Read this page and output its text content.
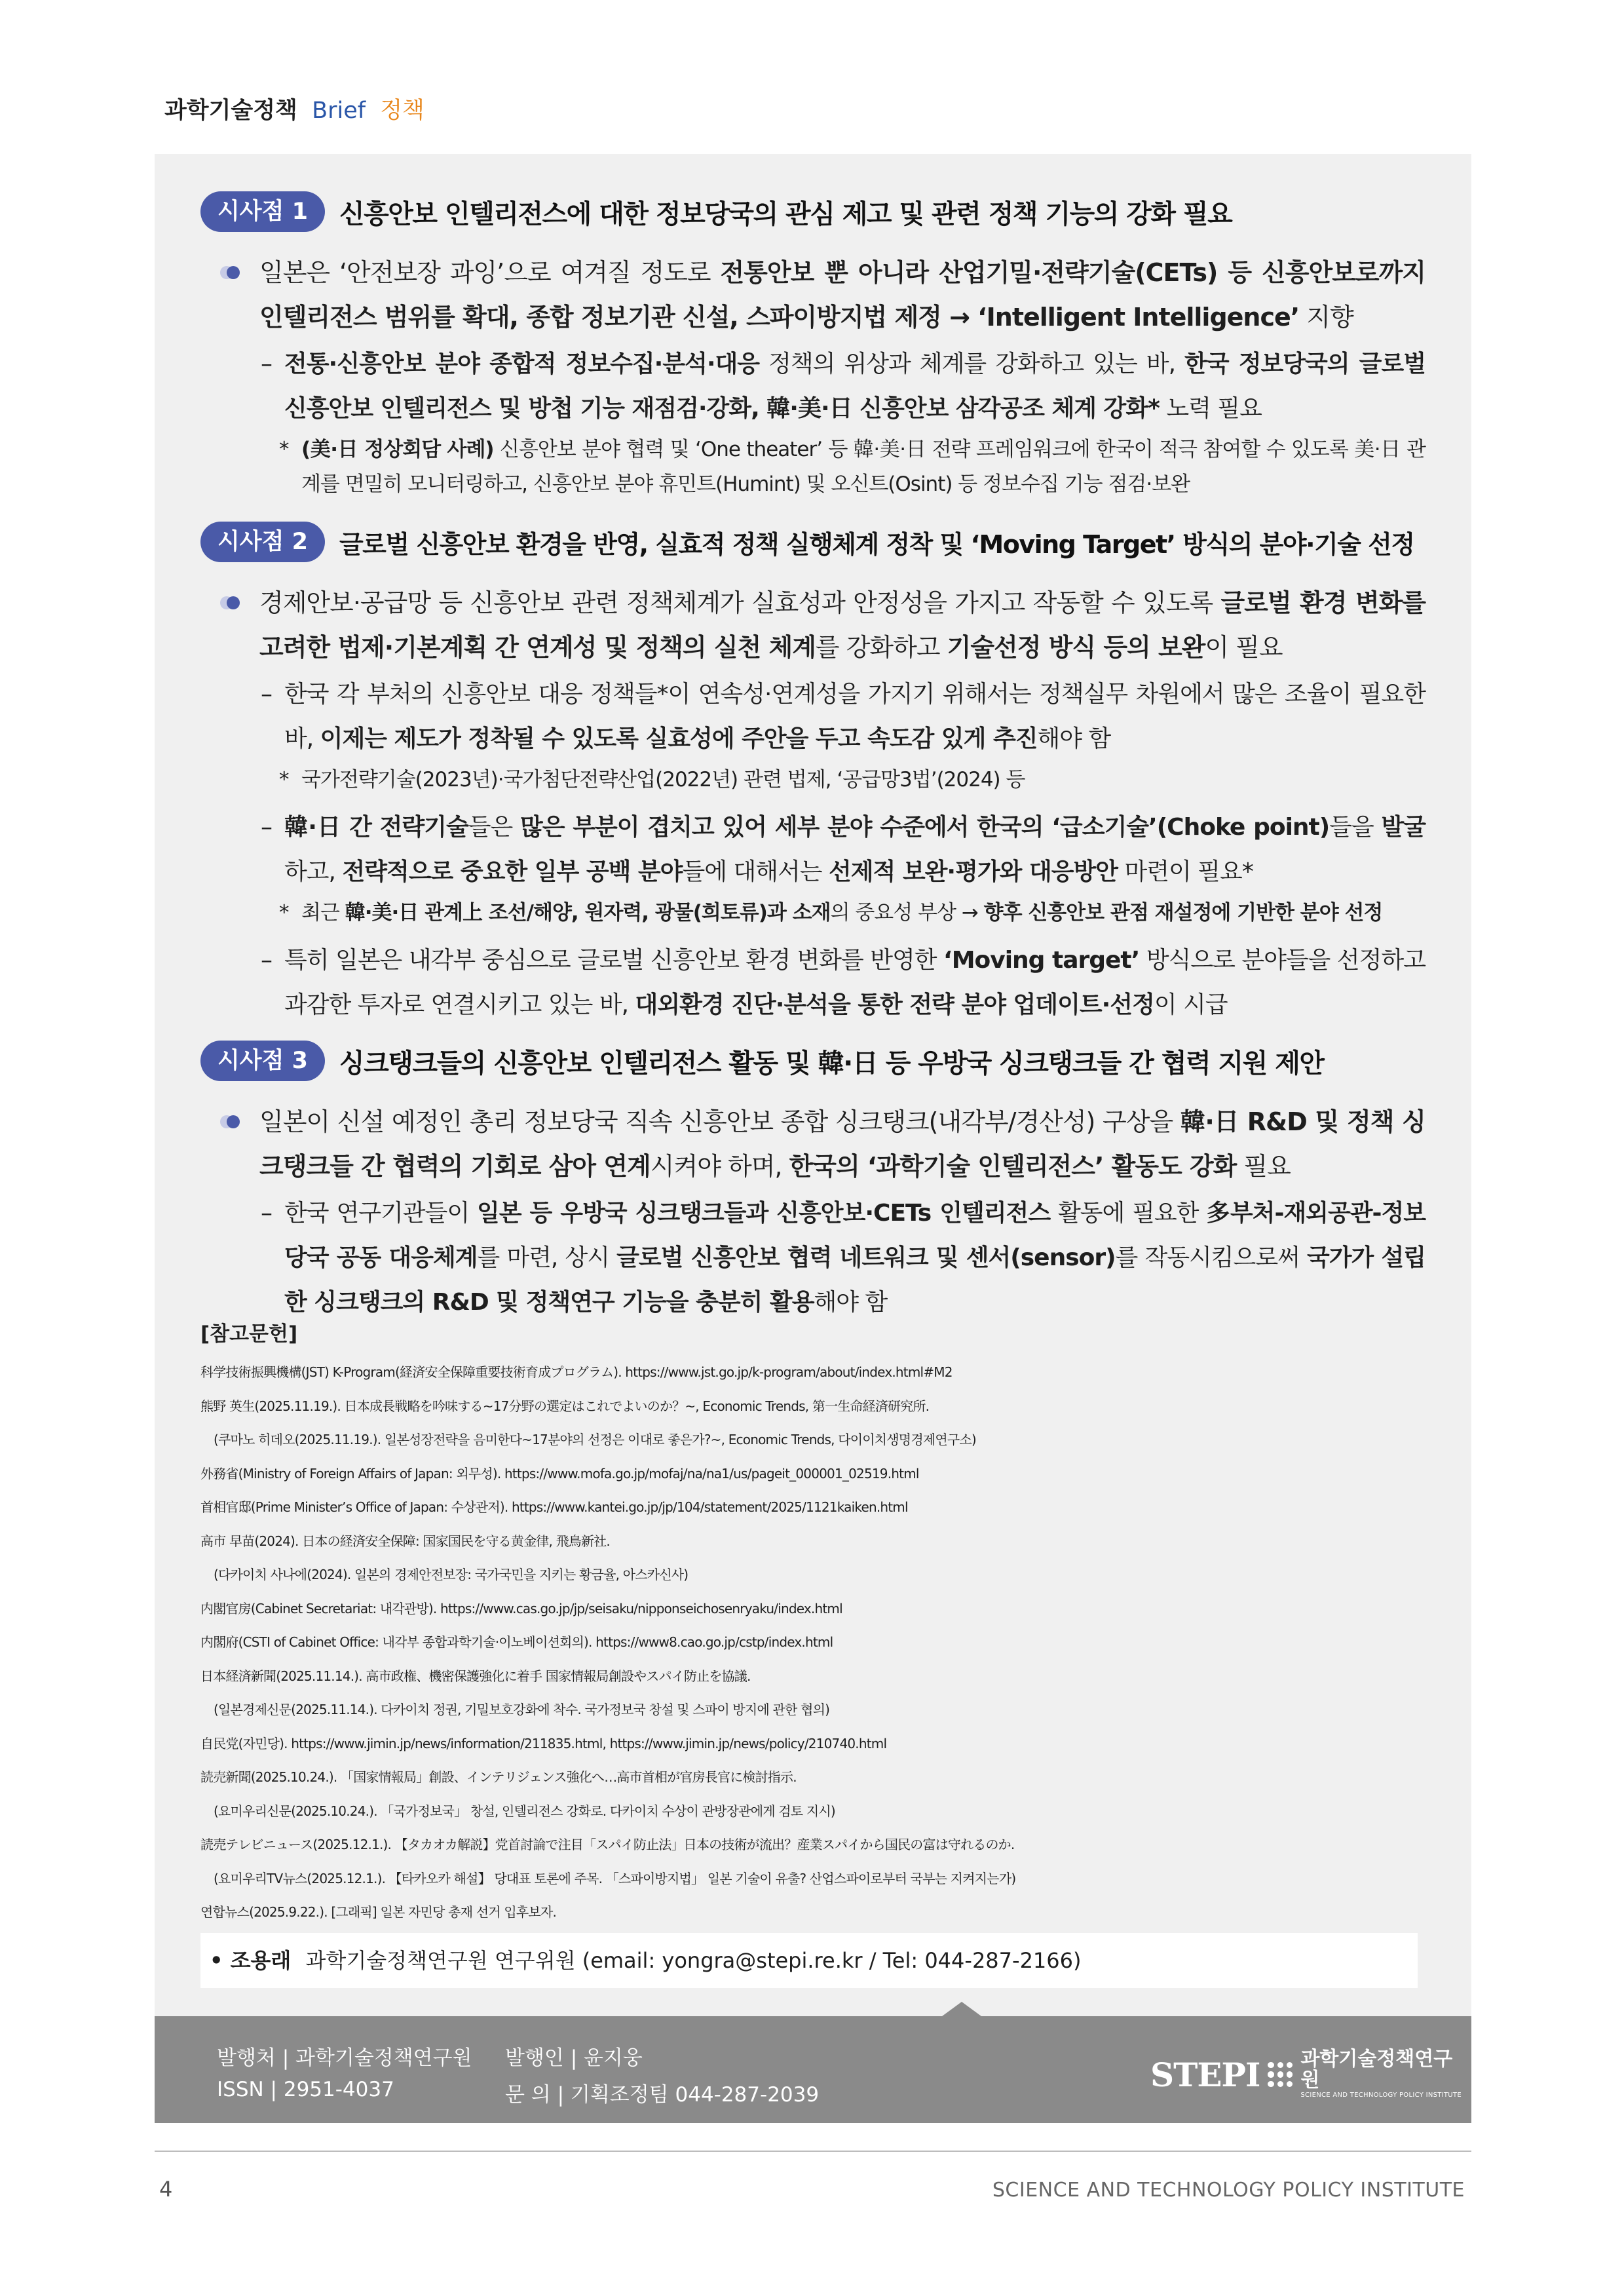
과학기술정책 Brief 정책
시사점 1	신흥안보 인텔리전스에 대한 정보당국의 관심 제고 및 관련 정책 기능의 강화 필요
일본은 ‘안전보장 과잉’으로 여겨질 정도로 전통안보 뿐 아니라 산업기밀·전략기술(CETs) 등 신흥안보로까지 인텔리전스 범위를 확대, 종합 정보기관 신설, 스파이방지법 제정 → ‘Intelligent Intelligence’ 지향
– 전통·신흥안보 분야 종합적 정보수집·분석·대응 정책의 위상과 체계를 강화하고 있는 바, 한국 정보당국의 글로벌 신흥안보 인텔리전스 및 방첩 기능 재점검·강화, 韓·美·日 신흥안보 삼각공조 체계 강화* 노력 필요
* (美·日 정상회담 사례) 신흥안보 분야 협력 및 ‘One theater’ 등 韓·美·日 전략 프레임워크에 한국이 적극 참여할 수 있도록 美·日 관계를 면밀히 모니터링하고, 신흥안보 분야 휴민트(Humint) 및 오신트(Osint) 등 정보수집 기능 점검·보완
시사점 2	글로벌 신흥안보 환경을 반영, 실효적 정책 실행체계 정착 및 ‘Moving Target’ 방식의 분야·기술 선정
경제안보·공급망 등 신흥안보 관련 정책체계가 실효성과 안정성을 가지고 작동할 수 있도록 글로벌 환경 변화를 고려한 법제·기본계획 간 연계성 및 정책의 실천 체계를 강화하고 기술선정 방식 등의 보완이 필요
– 한국 각 부처의 신흥안보 대응 정책들*이 연속성·연계성을 가지기 위해서는 정책실무 차원에서 많은 조율이 필요한 바, 이제는 제도가 정착될 수 있도록 실효성에 주안을 두고 속도감 있게 추진해야 함
* 국가전략기술(2023년)·국가첨단전략산업(2022년) 관련 법제, ‘공급망3법’(2024) 등
– 韓·日 간 전략기술들은 많은 부분이 겹치고 있어 세부 분야 수준에서 한국의 ‘급소기술’(Choke point)들을 발굴하고, 전략적으로 중요한 일부 공백 분야들에 대해서는 선제적 보완·평가와 대응방안 마련이 필요*
* 최근 韓·美·日 관계上 조선/해양, 원자력, 광물(희토류)과 소재의 중요성 부상 → 향후 신흥안보 관점 재설정에 기반한 분야 선정
– 특히 일본은 내각부 중심으로 글로벌 신흥안보 환경 변화를 반영한 ‘Moving target’ 방식으로 분야들을 선정하고 과감한 투자로 연결시키고 있는 바, 대외환경 진단·분석을 통한 전략 분야 업데이트·선정이 시급
시사점 3	싱크탱크들의 신흥안보 인텔리전스 활동 및 韓·日 등 우방국 싱크탱크들 간 협력 지원 제안
일본이 신설 예정인 총리 정보당국 직속 신흥안보 종합 싱크탱크(내각부/경산성) 구상을 韓·日 R&D 및 정책 싱크탱크들 간 협력의 기회로 삼아 연계시켜야 하며, 한국의 ‘과학기술 인텔리전스’ 활동도 강화 필요
– 한국 연구기관들이 일본 등 우방국 싱크탱크들과 신흥안보·CETs 인텔리전스 활동에 필요한 多부처-재외공관-정보당국 공동 대응체계를 마련, 상시 글로벌 신흥안보 협력 네트워크 및 센서(sensor)를 작동시킴으로써 국가가 설립한 싱크탱크의 R&D 및 정책연구 기능을 충분히 활용해야 함
[참고문헌]
科学技術振興機構(JST) K-Program(経済安全保障重要技術育成プログラム). https://www.jst.go.jp/k-program/about/index.html#M2
熊野 英生(2025.11.19.). 日本成長戦略を吟味する~17分野の選定はこれでよいのか？~, Economic Trends, 第一生命経済研究所.
(쿠마노 히데오(2025.11.19.). 일본성장전략을 음미한다~17분야의 선정은 이대로 좋은가?~, Economic Trends, 다이이치생명경제연구소)
外務省(Ministry of Foreign Affairs of Japan: 외무성). https://www.mofa.go.jp/mofaj/na/na1/us/pageit_000001_02519.html
首相官邸(Prime Minister’s Office of Japan: 수상관저). https://www.kantei.go.jp/jp/104/statement/2025/1121kaiken.html
高市 早苗(2024). 日本の経済安全保障: 国家国民を守る黄金律, 飛鳥新社.
(다카이치 사나에(2024). 일본의 경제안전보장: 국가국민을 지키는 황금율, 아스카신사)
内閣官房(Cabinet Secretariat: 내각관방). https://www.cas.go.jp/jp/seisaku/nipponseichosenryaku/index.html
内閣府(CSTI of Cabinet Office: 내각부 종합과학기술·이노베이션회의). https://www8.cao.go.jp/cstp/index.html
日本経済新聞(2025.11.14.). 高市政権、機密保護強化に着手 国家情報局創設やスパイ防止を協議.
(일본경제신문(2025.11.14.). 다카이치 정권, 기밀보호강화에 착수. 국가정보국 창설 및 스파이 방지에 관한 협의)
自民党(자민당). https://www.jimin.jp/news/information/211835.html, https://www.jimin.jp/news/policy/210740.html
読売新聞(2025.10.24.). 「国家情報局」創設、インテリジェンス強化へ…高市首相が官房長官に検討指示.
(요미우리신문(2025.10.24.). 「국가정보국」 창설, 인텔리전스 강화로. 다카이치 수상이 관방장관에게 검토 지시)
読売テレビニュース(2025.12.1.). 【タカオカ解説】党首討論で注目「スパイ防止法」日本の技術が流出？産業スパイから国民の富は守れるのか.
(요미우리TV뉴스(2025.12.1.). 【타카오카 해설】 당대표 토론에 주목. 「스파이방지법」 일본 기술이 유출? 산업스파이로부터 국부는 지켜지는가)
연합뉴스(2025.9.22.). [그래픽] 일본 자민당 총재 선거 입후보자.
• 조용래 과학기술정책연구원 연구위원 (email: yongra@stepi.re.kr / Tel: 044-287-2166)
발행처 | 과학기술정책연구원 발행인 | 윤지웅
ISSN | 2951-4037	문 의 | 기획조정팀 044-287-2039
STEPI 과학기술정책연구원
SCIENCE AND TECHNOLOGY POLICY INSTITUTE
4	SCIENCE AND TECHNOLOGY POLICY INSTITUTE
